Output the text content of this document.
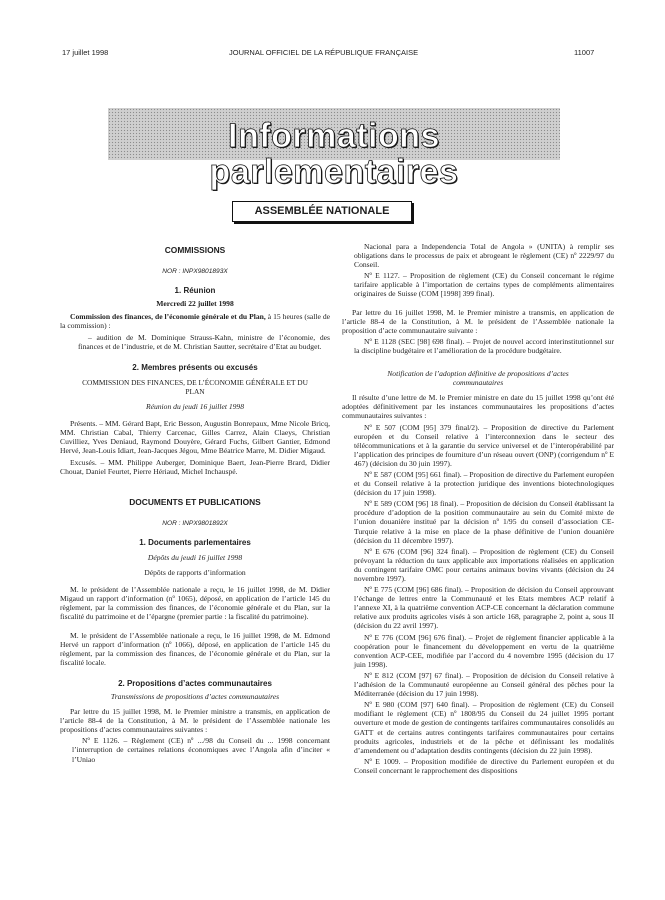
17 juillet 1998	JOURNAL OFFICIEL DE LA RÉPUBLIQUE FRANÇAISE	11007
Informations parlementaires
ASSEMBLÉE NATIONALE
COMMISSIONS
NOR : INPX9801893X
1. Réunion
Mercredi 22 juillet 1998

Commission des finances, de l’économie générale et du Plan, à 15 heures (salle de la commission) :

– audition de M. Dominique Strauss-Kahn, ministre de l’économie, des finances et de l’industrie, et de M. Christian Sautter, secrétaire d’Etat au budget.

2. Membres présents ou excusés
COMMISSION DES FINANCES, DE L’ÉCONOMIE GÉNÉRALE ET DU PLAN
Réunion du jeudi 16 juillet 1998

Présents. – MM. Gérard Bapt, Eric Besson, Augustin Bonrepaux, Mme Nicole Bricq, MM. Christian Cabal, Thierry Carcenac, Gilles Carrez, Alain Claeys, Christian Cuvilliez, Yves Deniaud, Raymond Douyère, Gérard Fuchs, Gilbert Gantier, Edmond Hervé, Jean-Louis Idiart, Jean-Jacques Jégou, Mme Béatrice Marre, M. Didier Migaud.

Excusés. – MM. Philippe Auberger, Dominique Baert, Jean-Pierre Brard, Didier Chouat, Daniel Feurtet, Pierre Hériaud, Michel Inchauspé.

DOCUMENTS ET PUBLICATIONS
NOR : INPX9801892X
1. Documents parlementaires
Dépôts du jeudi 16 juillet 1998
Dépôts de rapports d’information

M. le président de l’Assemblée nationale a reçu, le 16 juillet 1998, de M. Didier Migaud un rapport d’information (nº 1065), déposé, en application de l’article 145 du règlement, par la commission des finances, de l’économie générale et du Plan, sur la fiscalité du patrimoine et de l’épargne (premier partie : la fiscalité du patrimoine).

M. le président de l’Assemblée nationale a reçu, le 16 juillet 1998, de M. Edmond Hervé un rapport d’information (nº 1066), déposé, en application de l’article 145 du règlement, par la commission des finances, de l’économie générale et du Plan, sur la fiscalité locale.

2. Propositions d’actes communautaires
Transmissions de propositions d’actes communautaires

Par lettre du 15 juillet 1998, M. le Premier ministre a transmis, en application de l’article 88-4 de la Constitution, à M. le président de l’Assemblée nationale les propositions d’actes communautaires suivantes :

Nº E 1126. – Règlement (CE) nº .../98 du Conseil du ... 1998 concernant l’interruption de certaines relations économiques avec l’Angola afin d’inciter « l’Uniao

Nacional para a Independencia Total de Angola » (UNITA) à remplir ses obligations dans le processus de paix et abrogeant le règlement (CE) nº 2229/97 du Conseil.

Nº E 1127. – Proposition de règlement (CE) du Conseil concernant le régime tarifaire applicable à l’importation de certains types de compléments alimentaires originaires de Suisse (COM [1998] 399 final).

Par lettre du 16 juillet 1998, M. le Premier ministre a transmis, en application de l’article 88-4 de la Constitution, à M. le président de l’Assemblée nationale la proposition d’acte communautaire suivante :

Nº E 1128 (SEC [98] 698 final). – Projet de nouvel accord interinstitutionnel sur la discipline budgétaire et l’amélioration de la procédure budgétaire.

Notification de l’adoption définitive de propositions d’actes communautaires

Il résulte d’une lettre de M. le Premier ministre en date du 15 juillet 1998 qu’ont été adoptées définitivement par les instances communautaires les propositions d’actes communautaires suivantes :

Nº E 507 (COM [95] 379 final/2). – Proposition de directive du Parlement européen et du Conseil relative à l’interconnexion dans le secteur des télécommunications et à la garantie du service universel et de l’interopérabilité par l’application des principes de fourniture d’un réseau ouvert (ONP) (corrigendum nº E 467) (décision du 30 juin 1997).

Nº E 587 (COM [95] 661 final). – Proposition de directive du Parlement européen et du Conseil relative à la protection juridique des inventions biotechnologiques (décision du 17 juin 1998).

Nº E 589 (COM [96] 18 final). – Proposition de décision du Conseil établissant la procédure d’adoption de la position communautaire au sein du Comité mixte de l’union douanière institué par la décision nº 1/95 du conseil d’association CE-Turquie relative à la mise en place de la phase définitive de l’union douanière (décision du 11 décembre 1997).

Nº E 676 (COM [96] 324 final). – Proposition de règlement (CE) du Conseil prévoyant la réduction du taux applicable aux importations réalisées en application du contingent tarifaire OMC pour certains animaux bovins vivants (décision du 24 novembre 1997).

Nº E 775 (COM [96] 686 final). – Proposition de décision du Conseil approuvant l’échange de lettres entre la Communauté et les Etats membres ACP relatif à l’annexe XI, à la quatrième convention ACP-CE concernant la déclaration commune relative aux produits agricoles visés à son article 168, paragraphe 2, point a, sous II (décision du 22 avril 1997).

Nº E 776 (COM [96] 676 final). – Projet de règlement financier applicable à la coopération pour le financement du développement en vertu de la quatrième convention ACP-CEE, modifiée par l’accord du 4 novembre 1995 (décision du 17 juin 1998).

Nº E 812 (COM [97] 67 final). – Proposition de décision du Conseil relative à l’adhésion de la Communauté européenne au Conseil général des pêches pour la Méditerranée (décision du 17 juin 1998).

Nº E 980 (COM [97] 640 final). – Proposition de règlement (CE) du Conseil modifiant le règlement (CE) nº 1808/95 du Conseil du 24 juillet 1995 portant ouverture et mode de gestion de contingents tarifaires communautaires consolidés au GATT et de certains autres contingents tarifaires communautaires pour certains produits agricoles, industriels et de la pêche et définissant les modalités d’amendement ou d’adaptation desdits contingents (décision du 22 juin 1998).

Nº E 1009. – Proposition modifiée de directive du Parlement européen et du Conseil concernant le rapprochement des dispositions
